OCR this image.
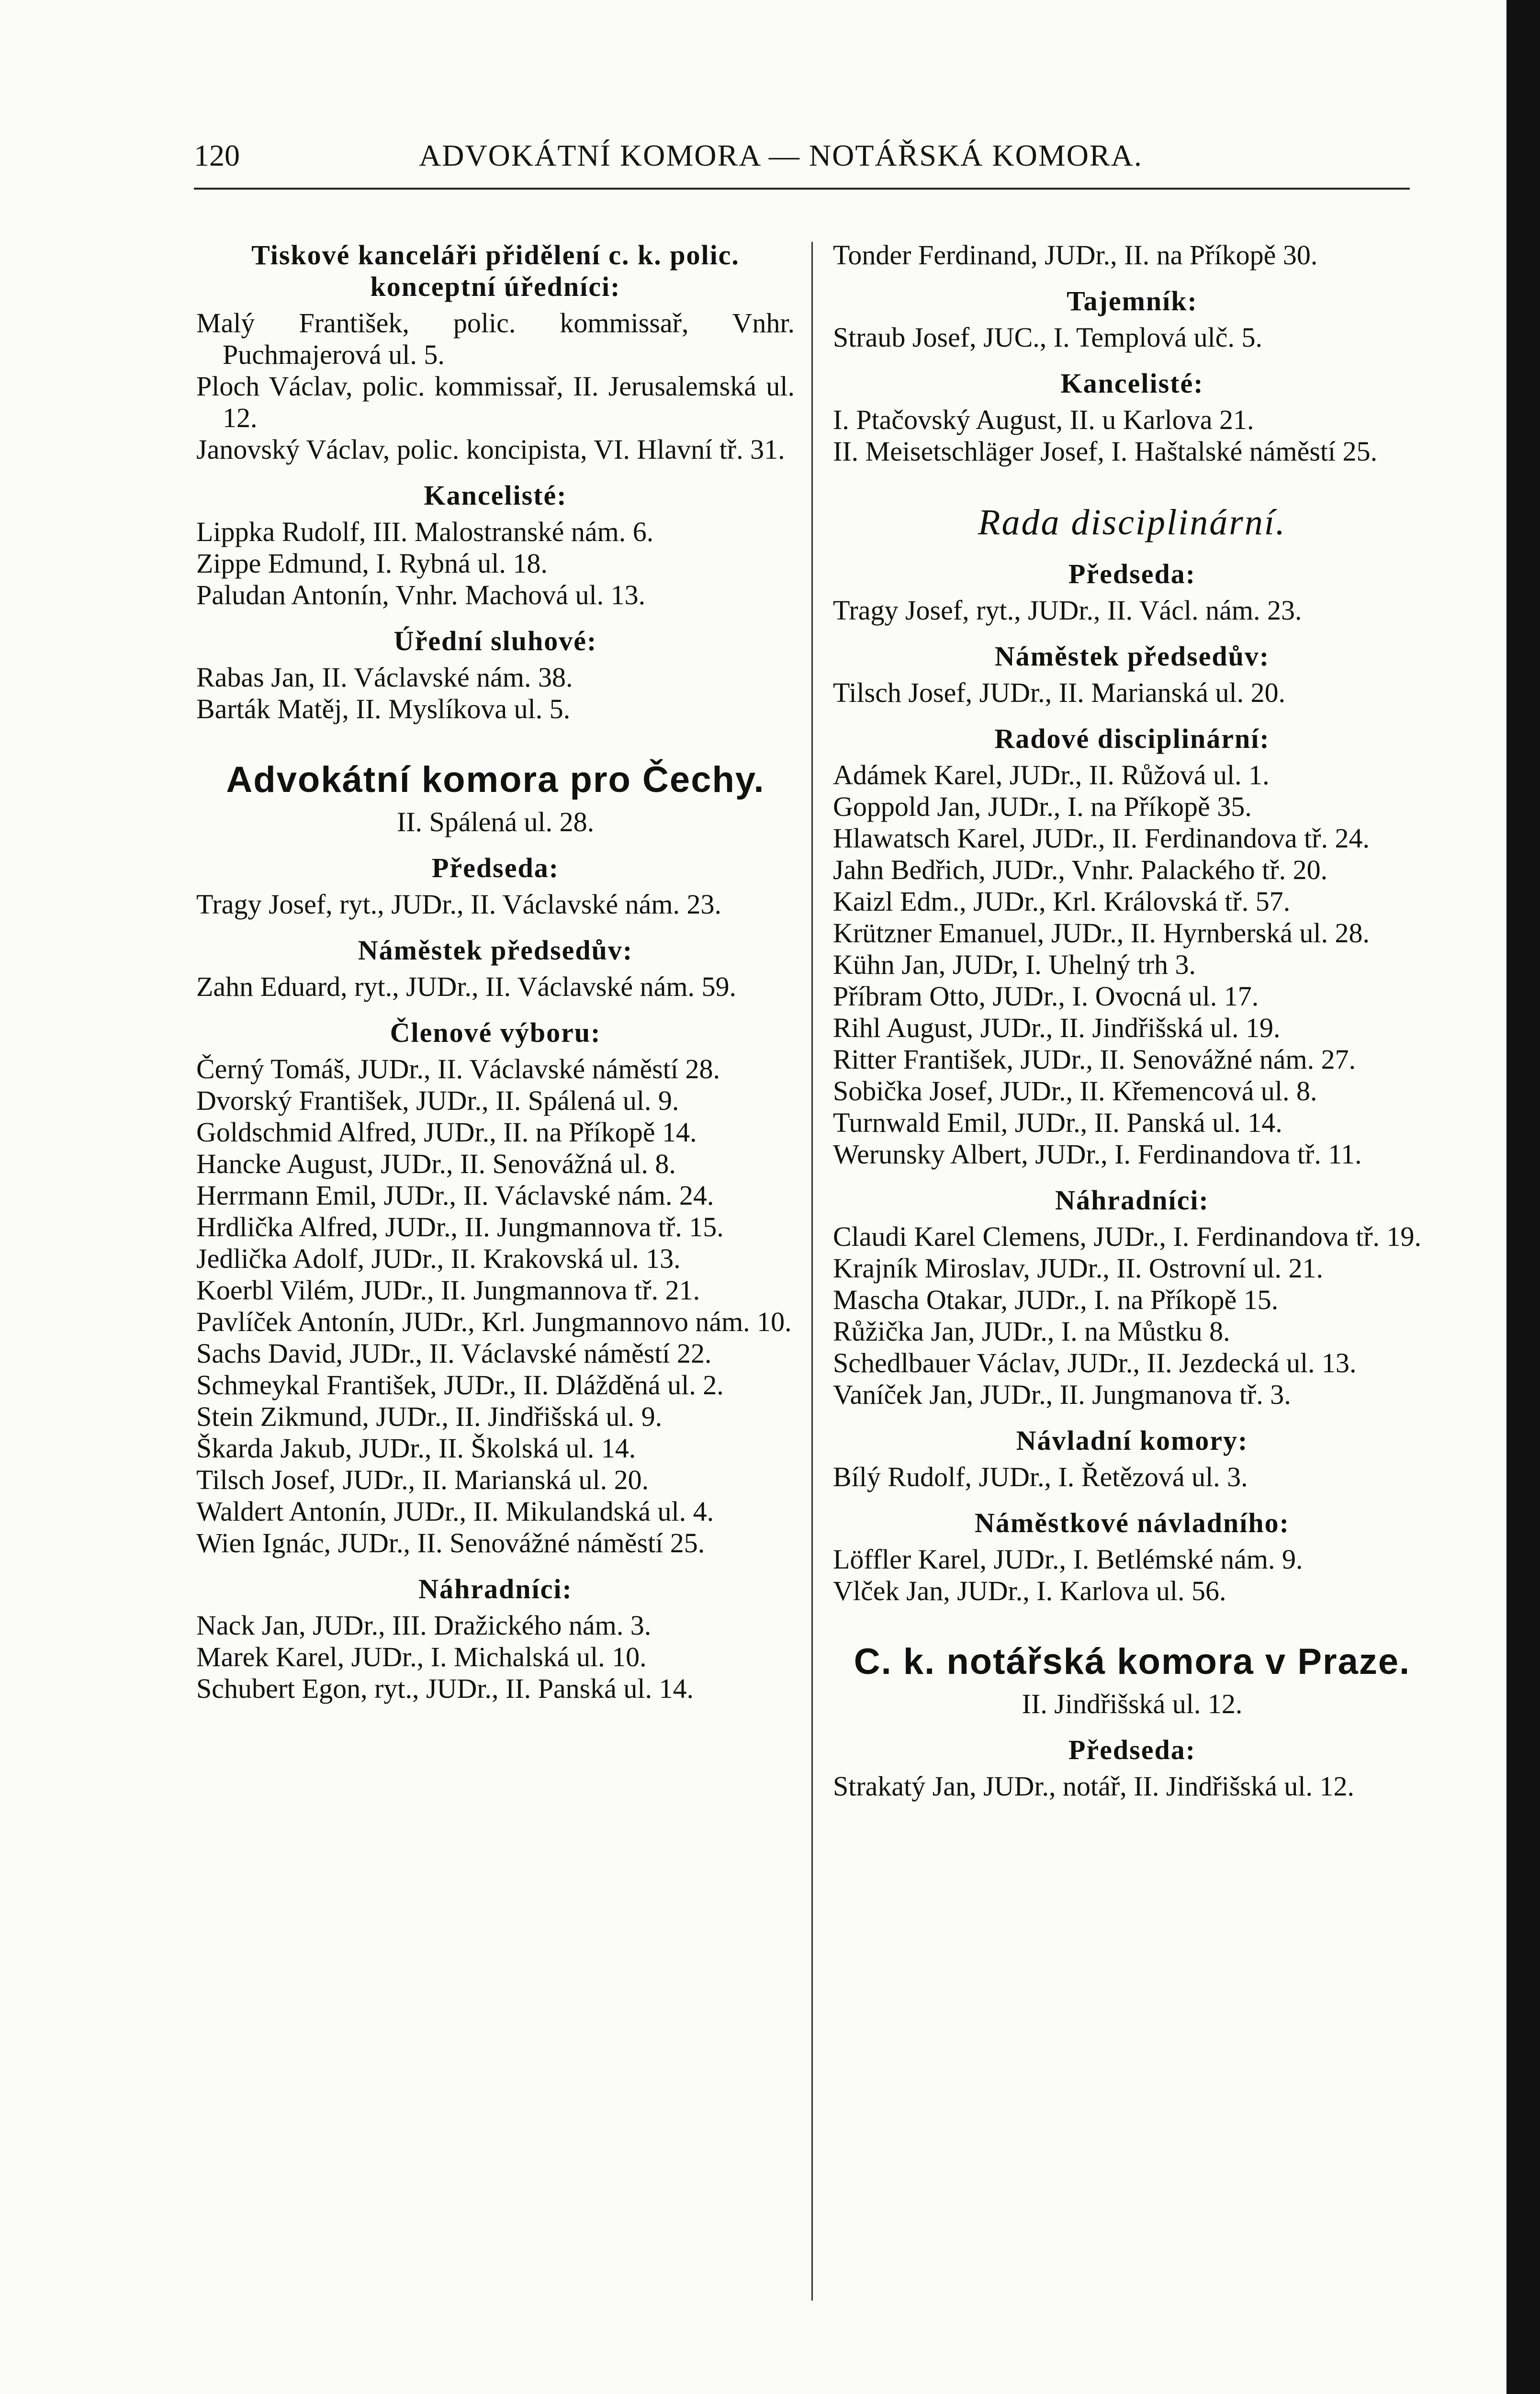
120	ADVOKÁTNÍ KOMORA — NOTÁŘSKÁ KOMORA.
Tiskové kanceláři přidělení c. k. polic. konceptní úředníci:
Malý František, polic. kommissař, Vnhr. Puchmajerová ul. 5.
Ploch Václav, polic. kommissař, II. Jerusalemská ul. 12.
Janovský Václav, polic. koncipista, VI. Hlavní tř. 31.
Kancelisté:
Lippka Rudolf, III. Malostranské nám. 6.
Zippe Edmund, I. Rybná ul. 18.
Paludan Antonín, Vnhr. Machová ul. 13.
Úřední sluhové:
Rabas Jan, II. Václavské nám. 38.
Barták Matěj, II. Myslíkova ul. 5.
Advokátní komora pro Čechy.
II. Spálená ul. 28.
Předseda:
Tragy Josef, ryt., JUDr., II. Václavské nám. 23.
Náměstek předsedův:
Zahn Eduard, ryt., JUDr., II. Václavské nám. 59.
Členové výboru:
Černý Tomáš, JUDr., II. Václavské náměstí 28.
Dvorský František, JUDr., II. Spálená ul. 9.
Goldschmid Alfred, JUDr., II. na Příkopě 14.
Hancke August, JUDr., II. Senovážná ul. 8.
Herrmann Emil, JUDr., II. Václavské nám. 24.
Hrdlička Alfred, JUDr., II. Jungmannova tř. 15.
Jedlička Adolf, JUDr., II. Krakovská ul. 13.
Koerbl Vilém, JUDr., II. Jungmannova tř. 21.
Pavlíček Antonín, JUDr., Krl. Jungmannovo nám. 10.
Sachs David, JUDr., II. Václavské náměstí 22.
Schmeykal František, JUDr., II. Dlážděná ul. 2.
Stein Zikmund, JUDr., II. Jindřišská ul. 9.
Škarda Jakub, JUDr., II. Školská ul. 14.
Tilsch Josef, JUDr., II. Marianská ul. 20.
Waldert Antonín, JUDr., II. Mikulandská ul. 4.
Wien Ignác, JUDr., II. Senovážné náměstí 25.
Náhradníci:
Nack Jan, JUDr., III. Dražického nám. 3.
Marek Karel, JUDr., I. Michalská ul. 10.
Schubert Egon, ryt., JUDr., II. Panská ul. 14.
Tonder Ferdinand, JUDr., II. na Příkopě 30.
Tajemník:
Straub Josef, JUC., I. Templová ulč. 5.
Kancelisté:
I. Ptačovský August, II. u Karlova 21.
II. Meisetschläger Josef, I. Haštalské náměstí 25.
Rada disciplinární.
Předseda:
Tragy Josef, ryt., JUDr., II. Václ. nám. 23.
Náměstek předsedův:
Tilsch Josef, JUDr., II. Marianská ul. 20.
Radové disciplinární:
Adámek Karel, JUDr., II. Růžová ul. 1.
Goppold Jan, JUDr., I. na Příkopě 35.
Hlawatsch Karel, JUDr., II. Ferdinandova tř. 24.
Jahn Bedřich, JUDr., Vnhr. Palackého tř. 20.
Kaizl Edm., JUDr., Krl. Královská tř. 57.
Krützner Emanuel, JUDr., II. Hyrnberská ul. 28.
Kühn Jan, JUDr, I. Uhelný trh 3.
Příbram Otto, JUDr., I. Ovocná ul. 17.
Rihl August, JUDr., II. Jindřišská ul. 19.
Ritter František, JUDr., II. Senovážné nám. 27.
Sobička Josef, JUDr., II. Křemencová ul. 8.
Turnwald Emil, JUDr., II. Panská ul. 14.
Werunsky Albert, JUDr., I. Ferdinandova tř. 11.
Náhradníci:
Claudi Karel Clemens, JUDr., I. Ferdinandova tř. 19.
Krajník Miroslav, JUDr., II. Ostrovní ul. 21.
Mascha Otakar, JUDr., I. na Příkopě 15.
Růžička Jan, JUDr., I. na Můstku 8.
Schedlbauer Václav, JUDr., II. Jezdecká ul. 13.
Vaníček Jan, JUDr., II. Jungmanova tř. 3.
Návladní komory:
Bílý Rudolf, JUDr., I. Řetězová ul. 3.
Náměstkové návladního:
Löffler Karel, JUDr., I. Betlémské nám. 9.
Vlček Jan, JUDr., I. Karlova ul. 56.
C. k. notářská komora v Praze.
II. Jindřišská ul. 12.
Předseda:
Strakatý Jan, JUDr., notář, II. Jindřišská ul. 12.
